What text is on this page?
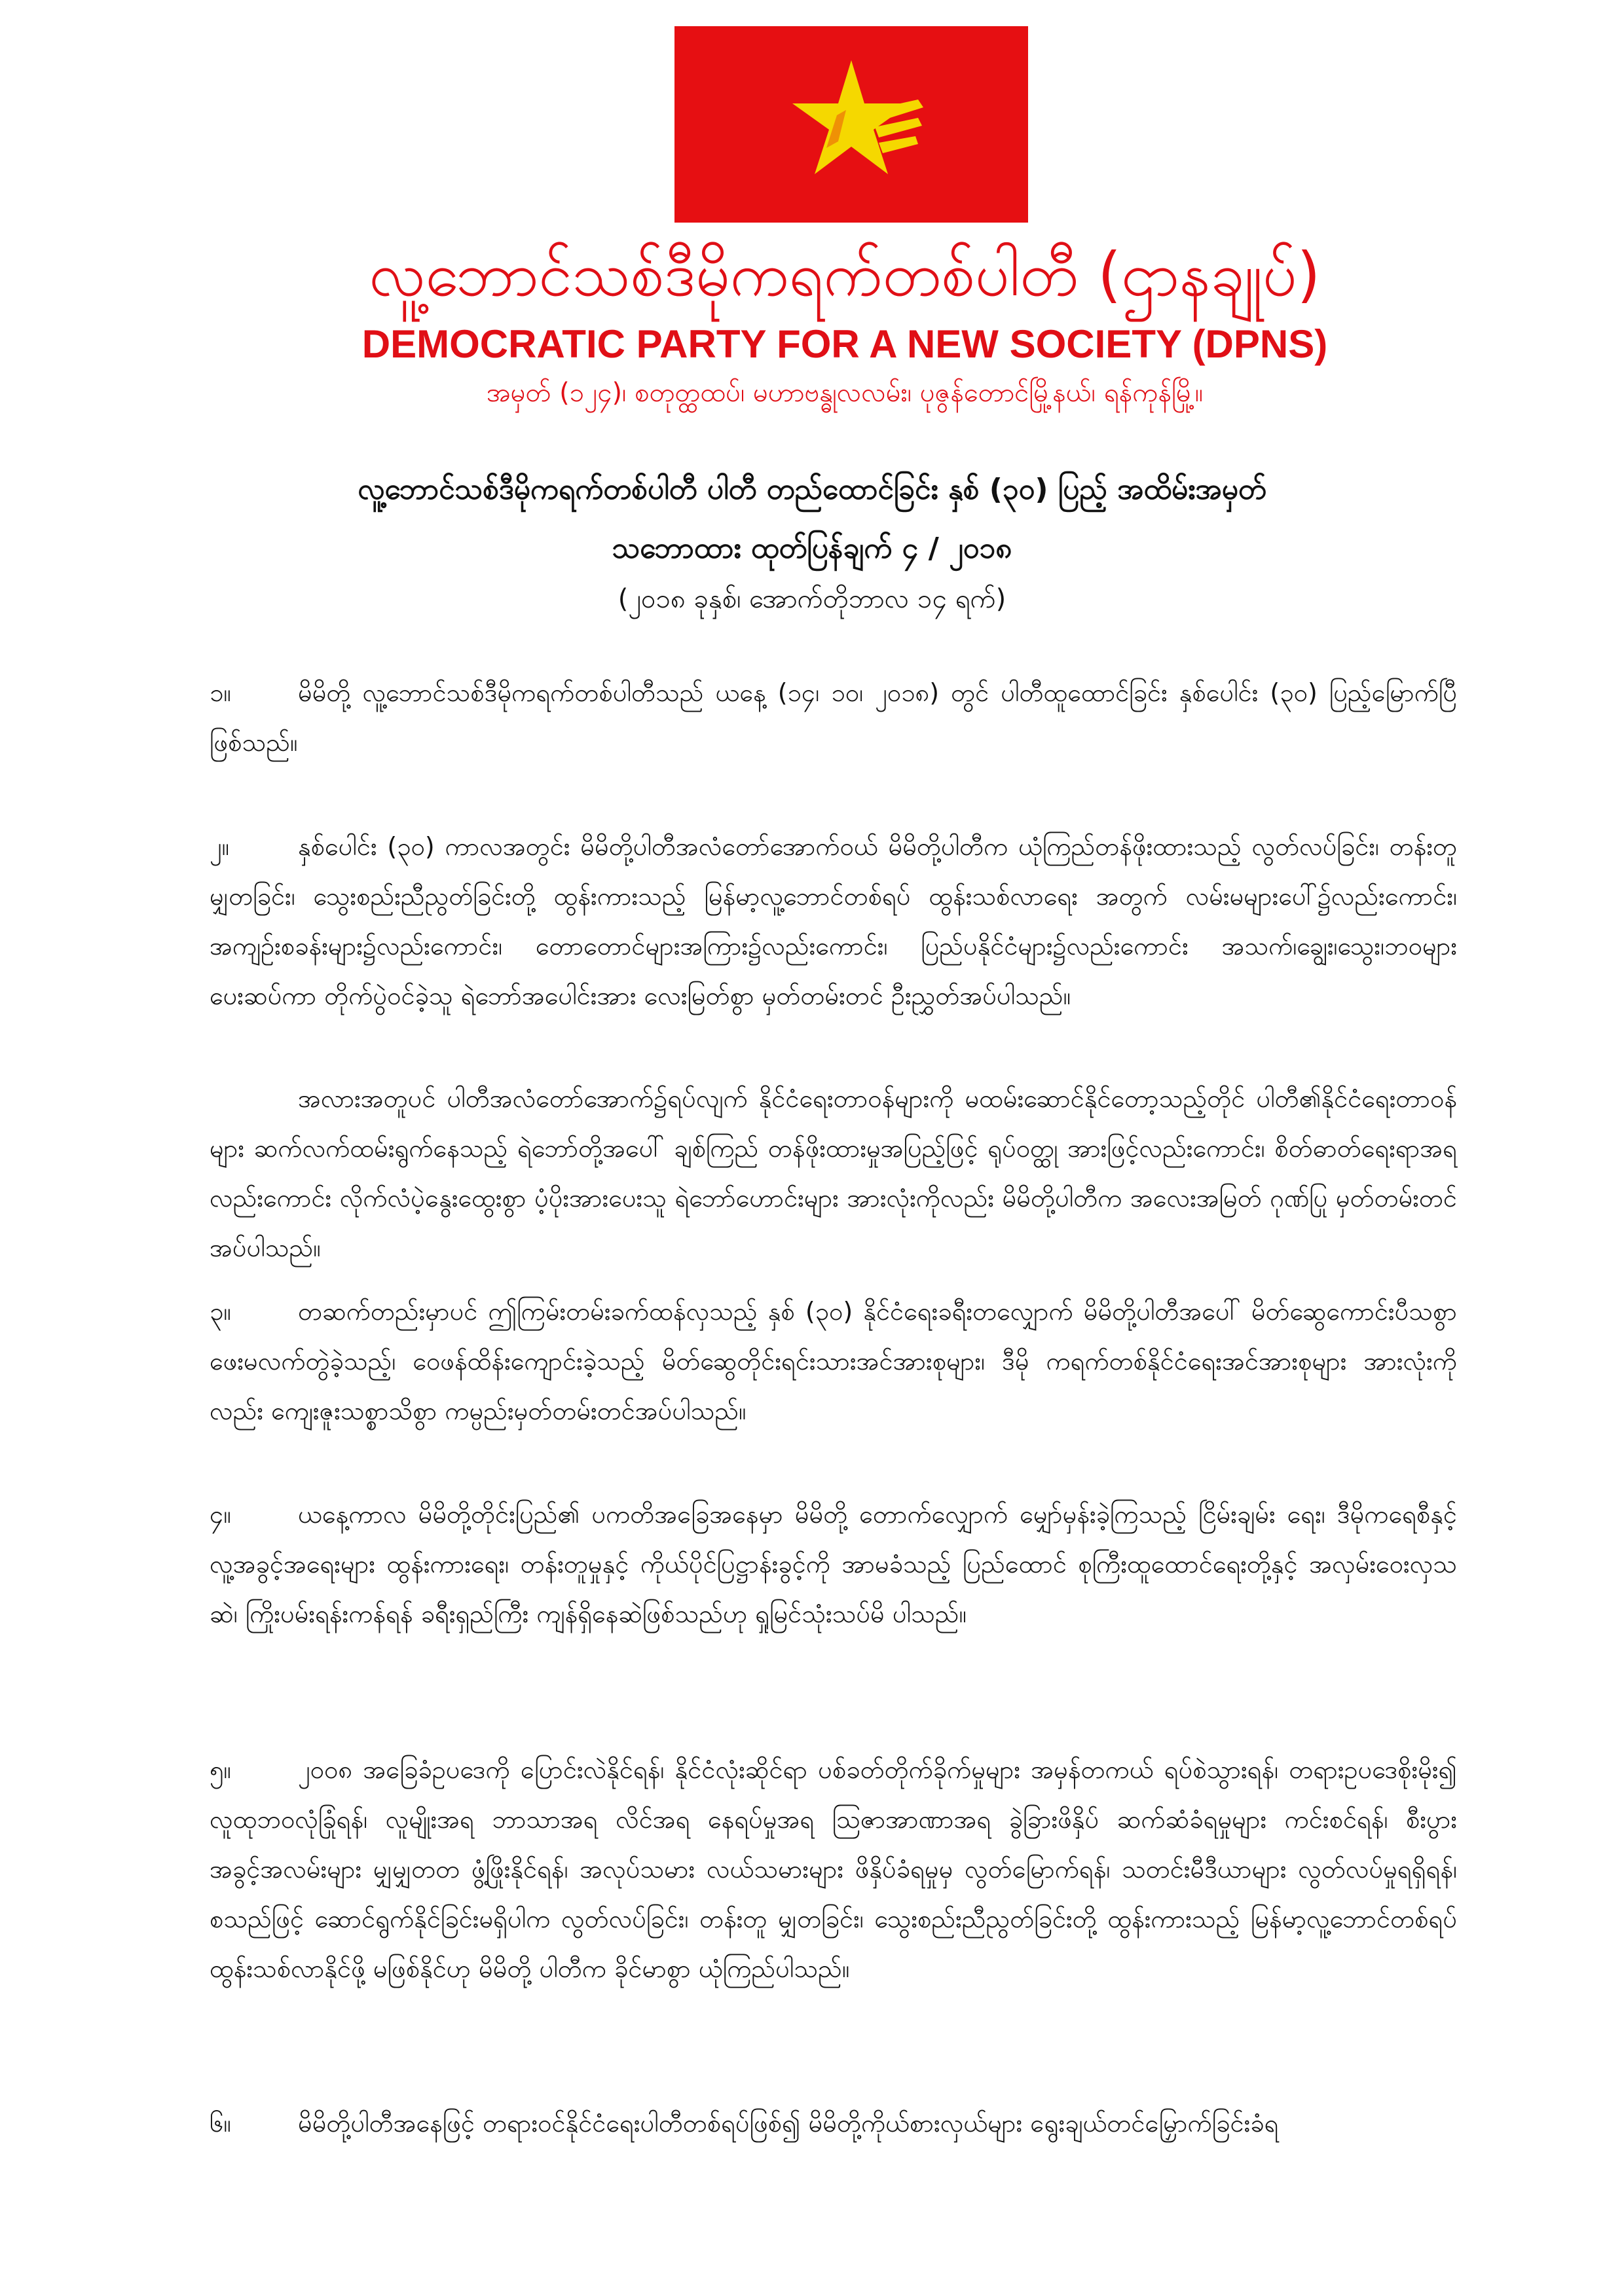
လူ့ဘောင်သစ်ဒီမိုကရက်တစ်ပါတီ (ဌာနချုပ်)
DEMOCRATIC PARTY FOR A NEW SOCIETY (DPNS)
အမှတ် (၁၂၄)၊ စတုတ္ထထပ်၊ မဟာဗန္ဓုလလမ်း၊ ပုဇွန်တောင်မြို့နယ်၊ ရန်ကုန်မြို့။
လူ့ဘောင်သစ်ဒီမိုကရက်တစ်ပါတီ ပါတီ တည်ထောင်ခြင်း နှစ် (၃၀) ပြည့် အထိမ်းအမှတ်
သဘောထား ထုတ်ပြန်ချက် ၄ / ၂၀၁၈
(၂၀၁၈ ခုနှစ်၊ အောက်တိုဘာလ ၁၄ ရက်)
၁။	မိမိတို့ လူ့ဘောင်သစ်ဒီမိုကရက်တစ်ပါတီသည် ယနေ့ (၁၄၊ ၁၀၊ ၂၀၁၈) တွင် ပါတီထူထောင်ခြင်း နှစ်ပေါင်း (၃၀) ပြည့်မြောက်ပြီဖြစ်သည်။
၂။	နှစ်ပေါင်း (၃၀) ကာလအတွင်း မိမိတို့ပါတီအလံတော်အောက်ဝယ် မိမိတို့ပါတီက ယုံကြည်တန်ဖိုးထားသည့် လွတ်လပ်ခြင်း၊ တန်းတူမျှတခြင်း၊ သွေးစည်းညီညွတ်ခြင်းတို့ ထွန်းကားသည့် မြန်မာ့လူ့ဘောင်တစ်ရပ် ထွန်းသစ်လာရေး အတွက် လမ်းမများပေါ်၌လည်းကောင်း၊ အကျဉ်းစခန်းများ၌လည်းကောင်း၊ တောတောင်များအကြား၌လည်းကောင်း၊ ပြည်ပနိုင်ငံများ၌လည်းကောင်း အသက်၊ချွေး၊သွေး၊ဘဝများ ပေးဆပ်ကာ တိုက်ပွဲဝင်ခဲ့သူ ရဲဘော်အပေါင်းအား လေးမြတ်စွာ မှတ်တမ်းတင် ဦးညွှတ်အပ်ပါသည်။
အလားအတူပင် ပါတီအလံတော်အောက်၌ရပ်လျက် နိုင်ငံရေးတာဝန်များကို မထမ်းဆောင်နိုင်တော့သည့်တိုင် ပါတီ၏နိုင်ငံရေးတာဝန်များ ဆက်လက်ထမ်းရွက်နေသည့် ရဲဘော်တို့အပေါ် ချစ်ကြည် တန်ဖိုးထားမှုအပြည့်ဖြင့် ရုပ်ဝတ္ထု အားဖြင့်လည်းကောင်း၊ စိတ်ဓာတ်ရေးရာအရလည်းကောင်း လိုက်လံပဲ့နွေးထွေးစွာ ပံ့ပိုးအားပေးသူ ရဲဘော်ဟောင်းများ အားလုံးကိုလည်း မိမိတို့ပါတီက အလေးအမြတ် ဂုဏ်ပြု မှတ်တမ်းတင်အပ်ပါသည်။
၃။	တဆက်တည်းမှာပင် ဤကြမ်းတမ်းခက်ထန်လှသည့် နှစ် (၃၀) နိုင်ငံရေးခရီးတလျှောက် မိမိတို့ပါတီအပေါ် မိတ်ဆွေကောင်းပီသစွာ ဖေးမလက်တွဲခဲ့သည့်၊ ဝေဖန်ထိန်းကျောင်းခဲ့သည့် မိတ်ဆွေတိုင်းရင်းသားအင်အားစုများ၊ ဒီမို ကရက်တစ်နိုင်ငံရေးအင်အားစုများ အားလုံးကိုလည်း ကျေးဇူးသစ္စာသိစွာ ကမ္ပည်းမှတ်တမ်းတင်အပ်ပါသည်။
၄။	ယနေ့ကာလ မိမိတို့တိုင်းပြည်၏ ပကတိအခြေအနေမှာ မိမိတို့ တောက်လျှောက် မျှော်မှန်းခဲ့ကြသည့် ငြိမ်းချမ်း ရေး၊ ဒီမိုကရေစီနှင့် လူ့အခွင့်အရေးများ ထွန်းကားရေး၊ တန်းတူမှုနှင့် ကိုယ်ပိုင်ပြဋ္ဌာန်းခွင့်ကို အာမခံသည့် ပြည်ထောင် စုကြီးထူထောင်ရေးတို့နှင့် အလှမ်းဝေးလှသဆဲ၊ ကြိုးပမ်းရန်းကန်ရန် ခရီးရှည်ကြီး ကျန်ရှိနေဆဲဖြစ်သည်ဟု ရှုမြင်သုံးသပ်မိ ပါသည်။
၅။	၂၀၀၈ အခြေခံဥပဒေကို ပြောင်းလဲနိုင်ရန်၊ နိုင်ငံလုံးဆိုင်ရာ ပစ်ခတ်တိုက်ခိုက်မှုများ အမှန်တကယ် ရပ်စဲသွားရန်၊ တရားဥပဒေစိုးမိုး၍ လူထုဘဝလုံခြုံရန်၊ လူမျိုးအရ ဘာသာအရ လိင်အရ နေရပ်မှုအရ ဩဇာအာဏာအရ ခွဲခြားဖိနှိပ် ဆက်ဆံခံရမှုများ ကင်းစင်ရန်၊ စီးပွားအခွင့်အလမ်းများ မျှမျှတတ ဖွံ့ဖြိုးနိုင်ရန်၊ အလုပ်သမား လယ်သမားများ ဖိနှိပ်ခံရမှုမှ လွတ်မြောက်ရန်၊ သတင်းမီဒီယာများ လွတ်လပ်မှုရရှိရန်၊ စသည်ဖြင့် ဆောင်ရွက်နိုင်ခြင်းမရှိပါက လွတ်လပ်ခြင်း၊ တန်းတူ မျှတခြင်း၊ သွေးစည်းညီညွတ်ခြင်းတို့ ထွန်းကားသည့် မြန်မာ့လူ့ဘောင်တစ်ရပ် ထွန်းသစ်လာနိုင်ဖို့ မဖြစ်နိုင်ဟု မိမိတို့ ပါတီက ခိုင်မာစွာ ယုံကြည်ပါသည်။
၆။	မိမိတို့ပါတီအနေဖြင့် တရားဝင်နိုင်ငံရေးပါတီတစ်ရပ်ဖြစ်၍ မိမိတို့ကိုယ်စားလှယ်များ ရွေးချယ်တင်မြှောက်ခြင်းခံရ
